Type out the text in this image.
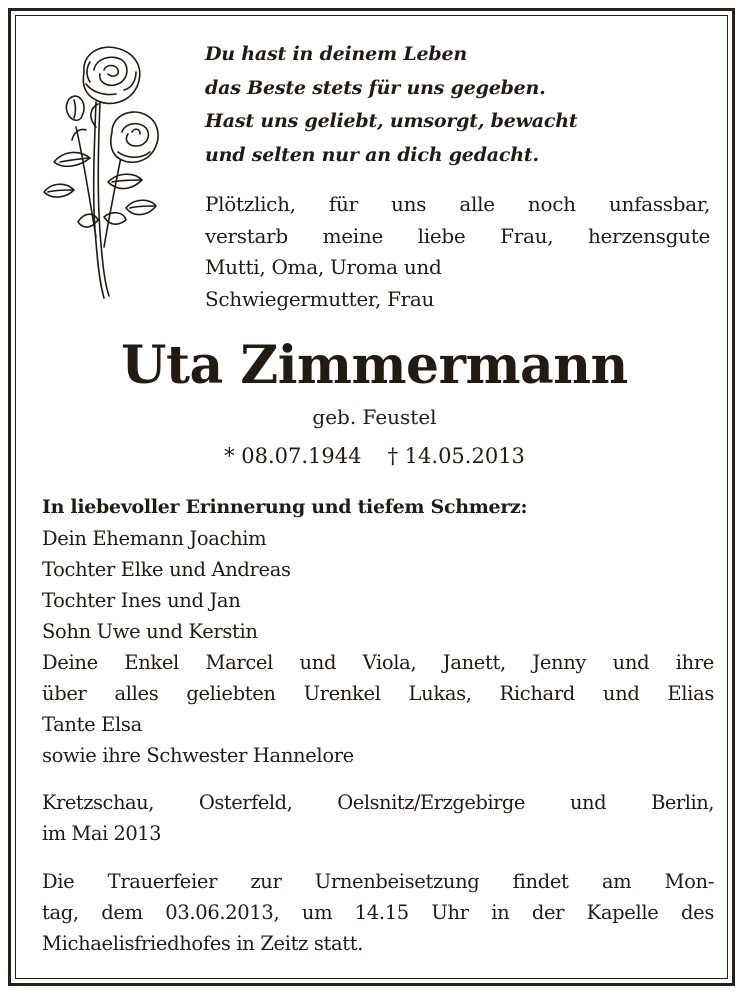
Du hast in deinem Leben
das Beste stets für uns gegeben.
Hast uns geliebt, umsorgt, bewacht
und selten nur an dich gedacht.
Plötzlich, für uns alle noch unfassbar,
verstarb meine liebe Frau, herzensgute
Mutti, Oma, Uroma und
Schwiegermutter, Frau
Uta Zimmermann
geb. Feustel
* 08.07.1944 † 14.05.2013
In liebevoller Erinnerung und tiefem Schmerz:
Dein Ehemann Joachim
Tochter Elke und Andreas
Tochter Ines und Jan
Sohn Uwe und Kerstin
Deine Enkel Marcel und Viola, Janett, Jenny und ihre
über alles geliebten Urenkel Lukas, Richard und Elias
Tante Elsa
sowie ihre Schwester Hannelore
Kretzschau, Osterfeld, Oelsnitz/Erzgebirge und Berlin,
im Mai 2013
Die Trauerfeier zur Urnenbeisetzung findet am Mon-
tag, dem 03.06.2013, um 14.15 Uhr in der Kapelle des
Michaelisfriedhofes in Zeitz statt.
